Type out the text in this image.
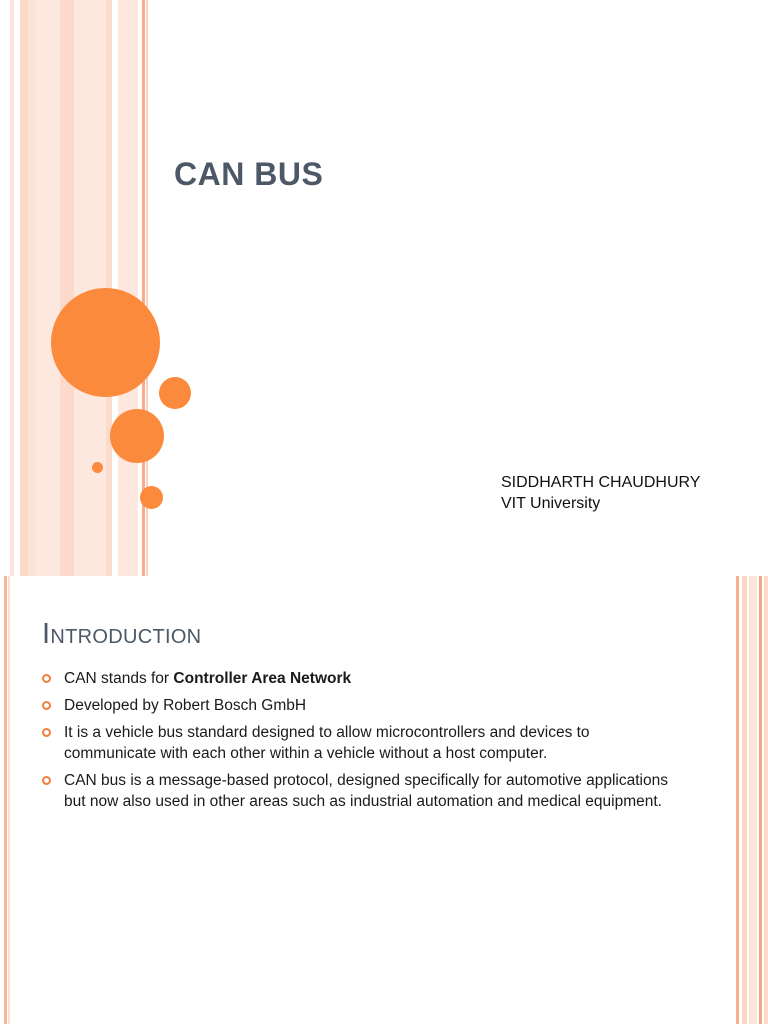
CAN BUS
SIDDHARTH CHAUDHURY
VIT University
Introduction
CAN stands for Controller Area Network
Developed by Robert Bosch GmbH
It is a vehicle bus standard designed to allow microcontrollers and devices to communicate with each other within a vehicle without a host computer.
CAN bus is a message-based protocol, designed specifically for automotive applications but now also used in other areas such as industrial automation and medical equipment.
